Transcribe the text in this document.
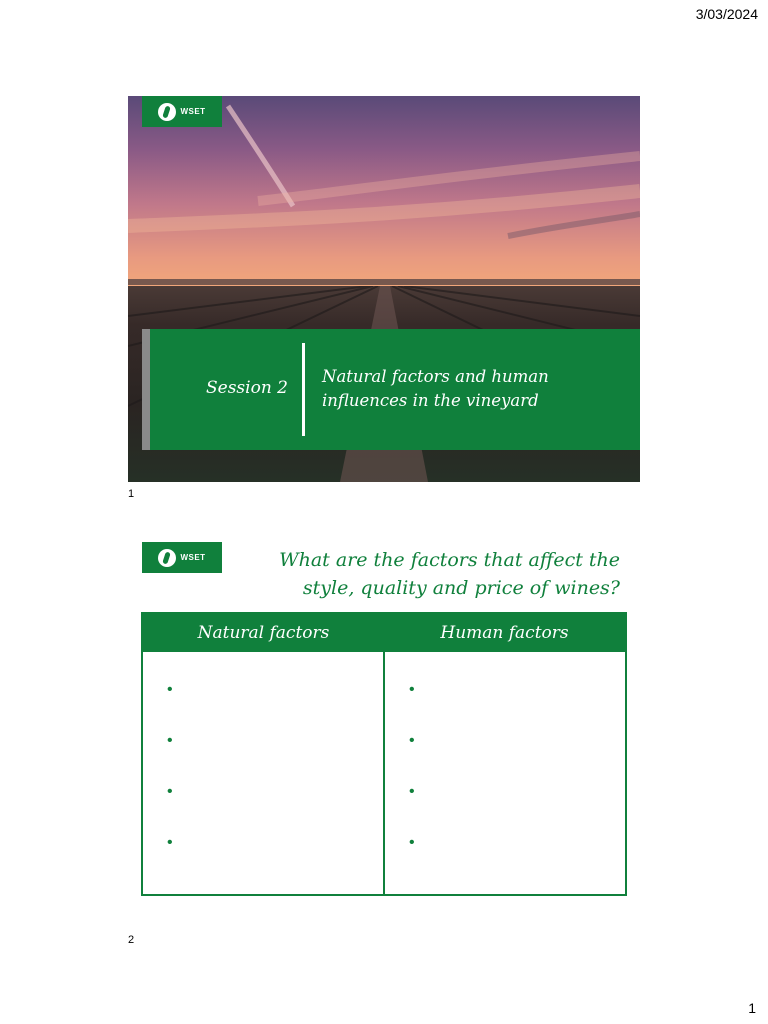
3/03/2024
WSET
Session 2
Natural factors and human
influences in the vineyard
1
WSET	What are the factors that affect the
style, quality and price of wines?
Natural factors	Human factors
•
•
•
•
•
•
•
•
2
1
